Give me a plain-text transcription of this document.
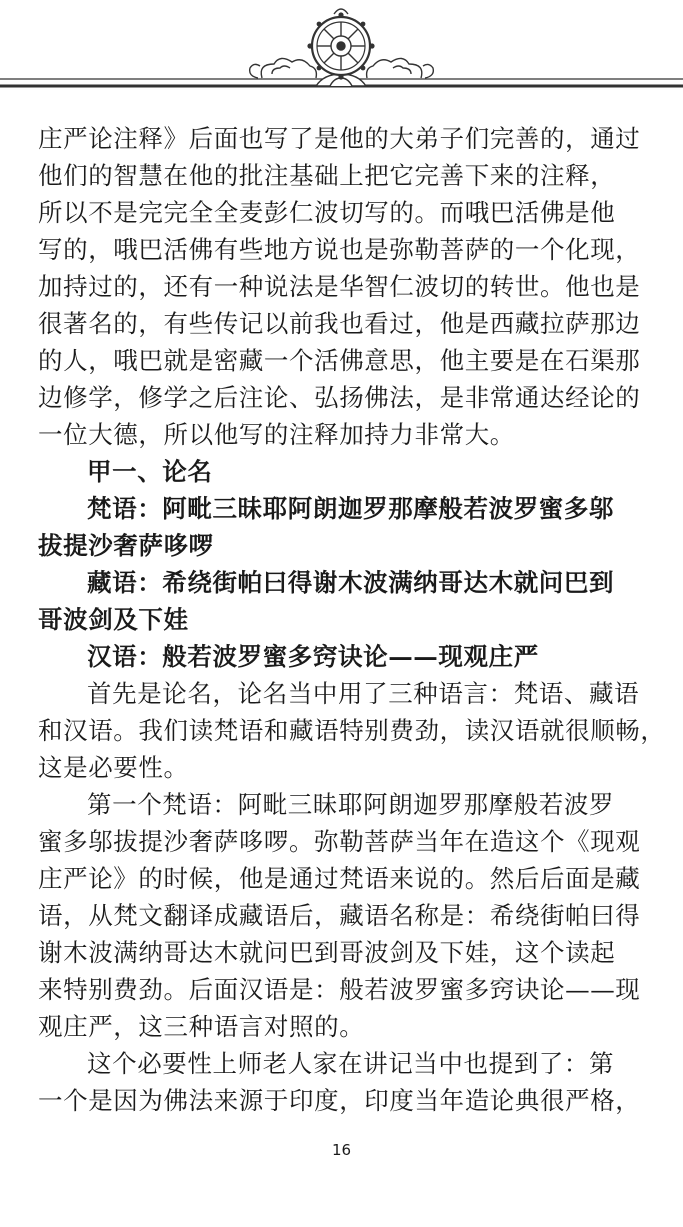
庄严论注释》后面也写了是他的大弟子们完善的，通过
他们的智慧在他的批注基础上把它完善下来的注释，
所以不是完完全全麦彭仁波切写的。而哦巴活佛是他
写的，哦巴活佛有些地方说也是弥勒菩萨的一个化现，
加持过的，还有一种说法是华智仁波切的转世。他也是
很著名的，有些传记以前我也看过，他是西藏拉萨那边
的人，哦巴就是密藏一个活佛意思，他主要是在石渠那
边修学，修学之后注论、弘扬佛法，是非常通达经论的
一位大德，所以他写的注释加持力非常大。
甲一、论名
梵语：阿毗三昧耶阿朗迦罗那摩般若波罗蜜多邬
拔提沙奢萨哆啰
藏语：希绕街帕曰得谢木波满纳哥达木就问巴到
哥波剑及下娃
汉语：般若波罗蜜多窍诀论——现观庄严
首先是论名，论名当中用了三种语言：梵语、藏语
和汉语。我们读梵语和藏语特别费劲，读汉语就很顺畅，
这是必要性。
第一个梵语：阿毗三昧耶阿朗迦罗那摩般若波罗
蜜多邬拔提沙奢萨哆啰。弥勒菩萨当年在造这个《现观
庄严论》的时候，他是通过梵语来说的。然后后面是藏
语，从梵文翻译成藏语后，藏语名称是：希绕街帕曰得
谢木波满纳哥达木就问巴到哥波剑及下娃，这个读起
来特别费劲。后面汉语是：般若波罗蜜多窍诀论——现
观庄严，这三种语言对照的。
这个必要性上师老人家在讲记当中也提到了：第
一个是因为佛法来源于印度，印度当年造论典很严格，
16
